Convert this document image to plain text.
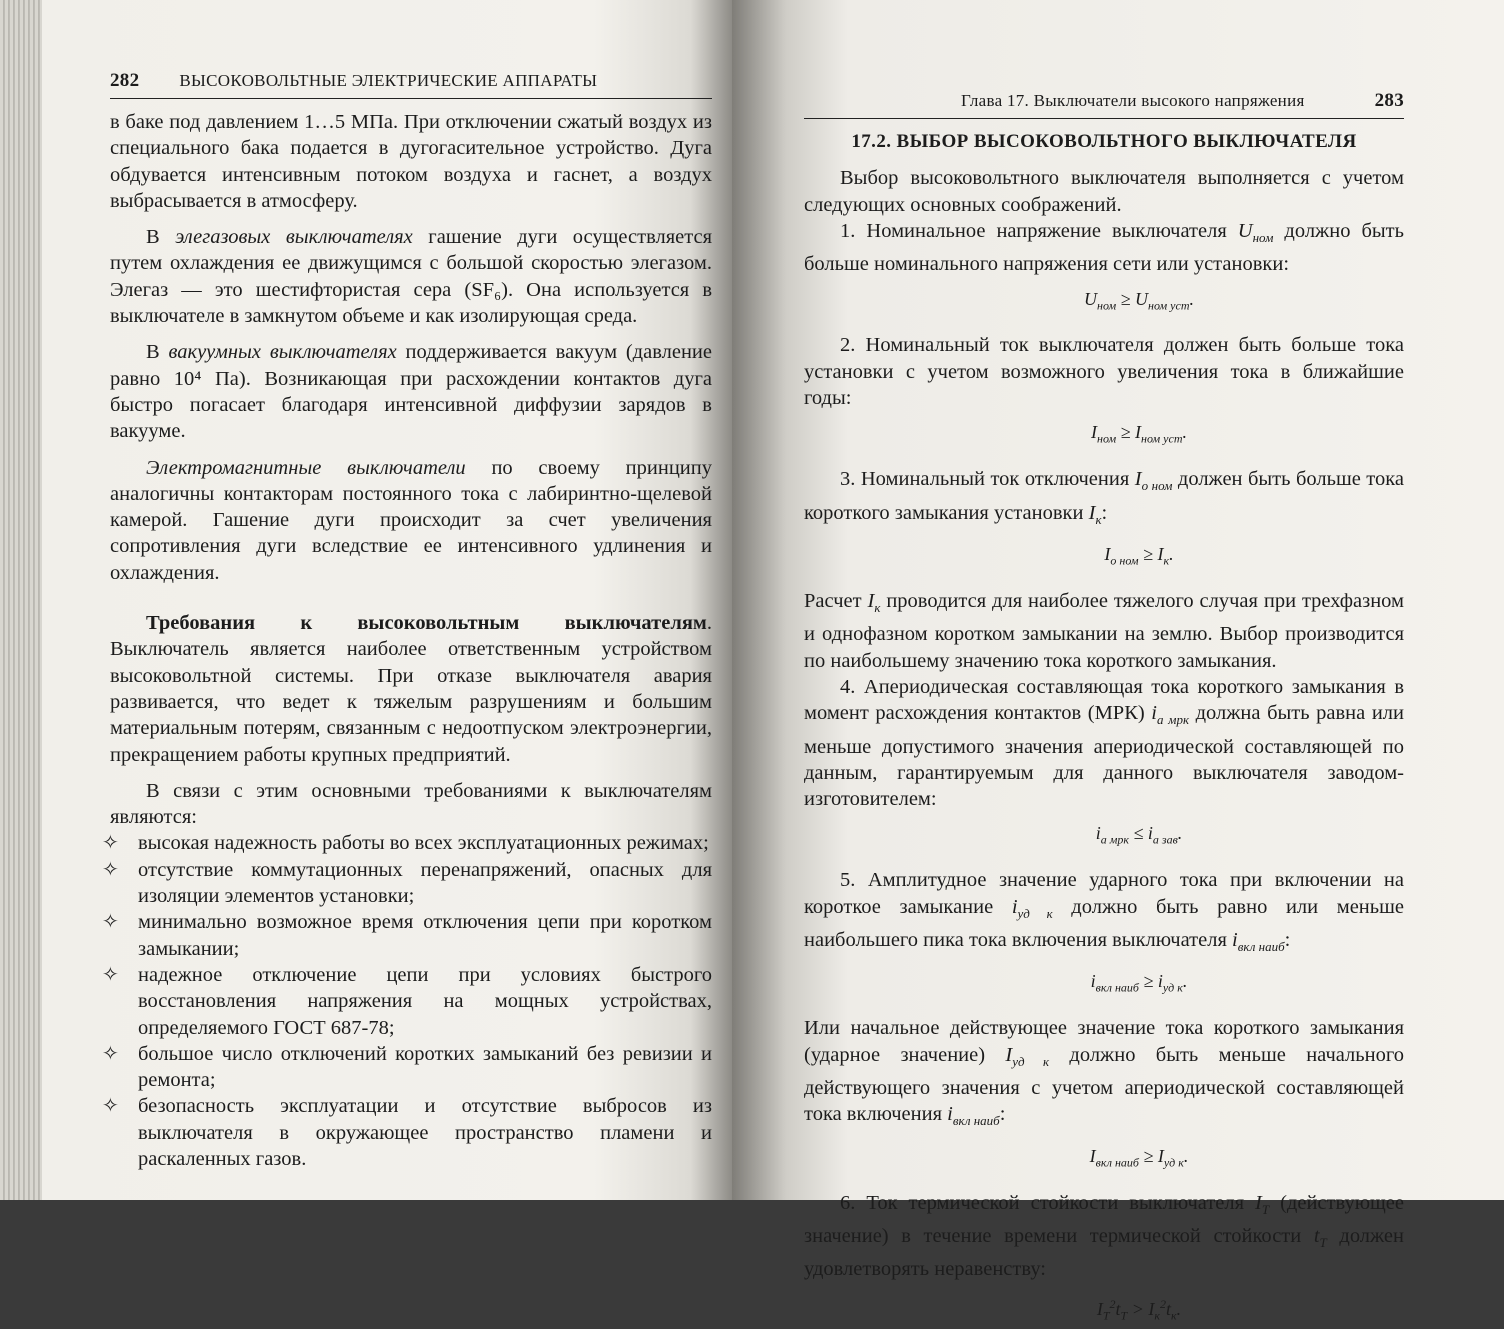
282 ВЫСОКОВОЛЬТНЫЕ ЭЛЕКТРИЧЕСКИЕ АППАРАТЫ

в баке под давлением 1…5 МПа. При отключении сжатый воздух из специального бака подается в дугогасительное устройство. Дуга обдувается интенсивным потоком воздуха и гаснет, а воздух выбрасывается в атмосферу.

В элегазовых выключателях гашение дуги осуществляется путем охлаждения ее движущимся с большой скоростью элегазом. Элегаз — это шестифтористая сера (SF₆). Она используется в выключателе в замкнутом объеме и как изолирующая среда.

В вакуумных выключателях поддерживается вакуум (давление равно 10⁴ Па). Возникающая при расхождении контактов дуга быстро погасает благодаря интенсивной диффузии зарядов в вакууме.

Электромагнитные выключатели по своему принципу аналогичны контакторам постоянного тока с лабиринтно-щелевой камерой. Гашение дуги происходит за счет увеличения сопротивления дуги вследствие ее интенсивного удлинения и охлаждения.

Требования к высоковольтным выключателям. Выключатель является наиболее ответственным устройством высоковольтной системы. При отказе выключателя авария развивается, что ведет к тяжелым разрушениям и большим материальным потерям, связанным с недоотпуском электроэнергии, прекращением работы крупных предприятий.

В связи с этим основными требованиями к выключателям являются:

✧ высокая надежность работы во всех эксплуатационных режимах;
✧ отсутствие коммутационных перенапряжений, опасных для изоляции элементов установки;
✧ минимально возможное время отключения цепи при коротком замыкании;
✧ надежное отключение цепи при условиях быстрого восстановления напряжения на мощных устройствах, определяемого ГОСТ 687-78;
✧ большое число отключений коротких замыканий без ревизии и ремонта;
✧ безопасность эксплуатации и отсутствие выбросов из выключателя в окружающее пространство пламени и раскаленных газов.
Глава 17. Выключатели высокого напряжения	283
17.2. ВЫБОР ВЫСОКОВОЛЬТНОГО ВЫКЛЮЧАТЕЛЯ

Выбор высоковольтного выключателя выполняется с учетом следующих основных соображений.

1. Номинальное напряжение выключателя $U_{ном}$ должно быть больше номинального напряжения сети или установки:

$U_{ном} \ge U_{ном уст}$.

2. Номинальный ток выключателя должен быть больше тока установки с учетом возможного увеличения тока в ближайшие годы:

$I_{ном} \ge I_{ном уст}$.

3. Номинальный ток отключения $I_{о ном}$ должен быть больше тока короткого замыкания установки $I_к$:

$I_{о ном} \ge I_к$.

Расчет $I_к$ проводится для наиболее тяжелого случая при трехфазном и однофазном коротком замыкании на землю. Выбор производится по наибольшему значению тока короткого замыкания.

4. Апериодическая составляющая тока короткого замыкания в момент расхождения контактов (МРК) $i_{а мрк}$ должна быть равна или меньше допустимого значения апериодической составляющей по данным, гарантируемым для данного выключателя заводом-изготовителем:

$i_{а мрк} \le i_{а зав}$.

5. Амплитудное значение ударного тока при включении на короткое замыкание $i_{уд к}$ должно быть равно или меньше наибольшего пика тока включения выключателя $i_{вкл наиб}$:

$i_{вкл наиб} \ge i_{уд к}$.

Или начальное действующее значение тока короткого замыкания (ударное значение) $I_{уд к}$ должно быть меньше начального действующего значения с учетом апериодической составляющей тока включения $i_{вкл наиб}$:

$I_{вкл наиб} \ge I_{уд к}$.

6. Ток термической стойкости выключателя $I_T$ (действующее значение) в течение времени термической стойкости $t_T$ должен удовлетворять неравенству:

$I_T^2t_T > I_к^2t_к$.
